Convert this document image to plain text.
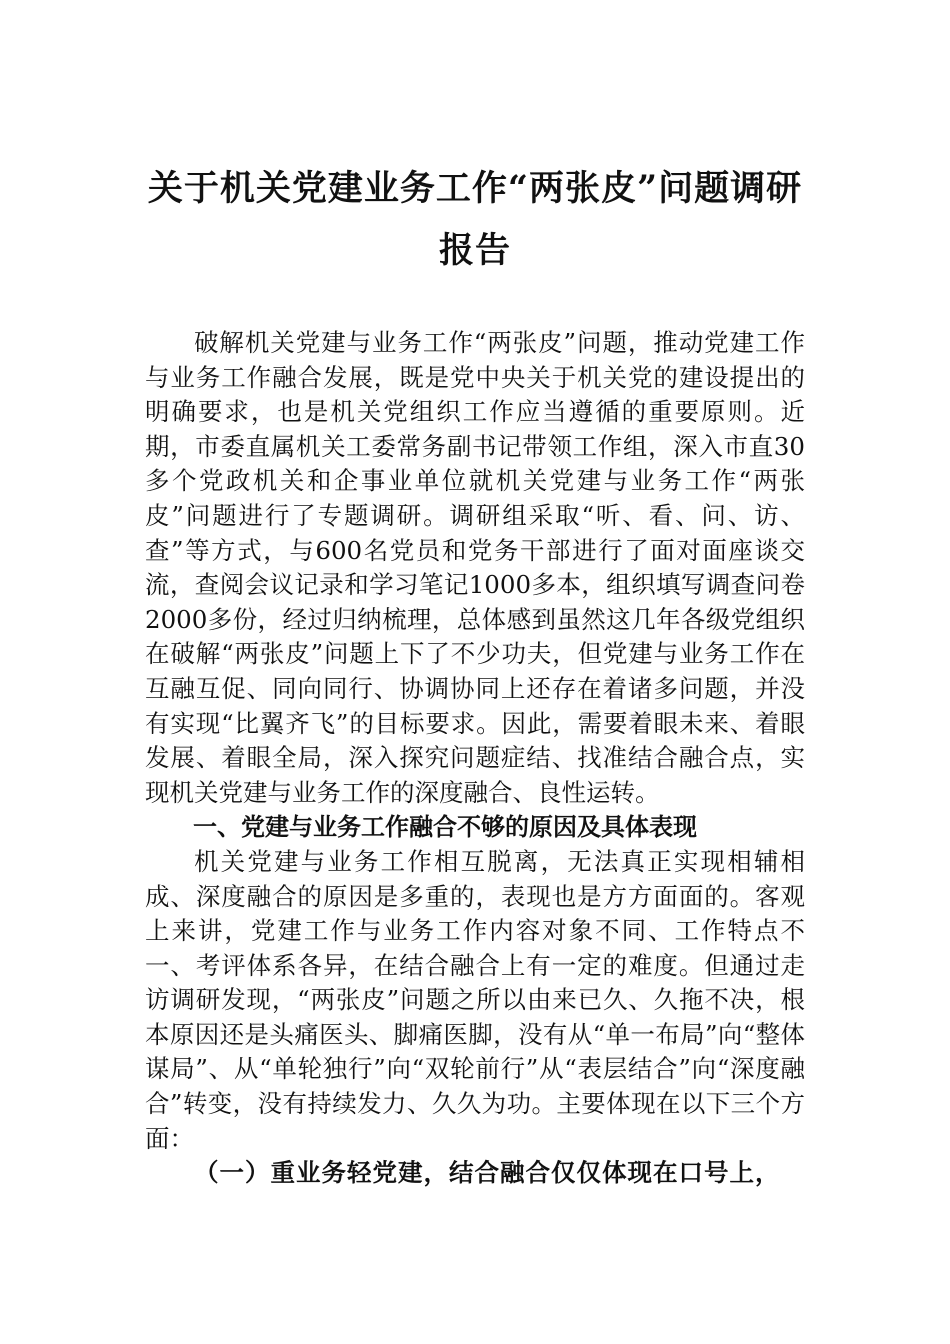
关于机关党建业务工作“两张皮”问题调研报告

破解机关党建与业务工作“两张皮”问题，推动党建工作与业务工作融合发展，既是党中央关于机关党的建设提出的明确要求，也是机关党组织工作应当遵循的重要原则。近期，市委直属机关工委常务副书记带领工作组，深入市直30多个党政机关和企事业单位就机关党建与业务工作“两张皮”问题进行了专题调研。调研组采取“听、看、问、访、查”等方式，与600名党员和党务干部进行了面对面座谈交流，查阅会议记录和学习笔记1000多本，组织填写调查问卷2000多份，经过归纳梳理，总体感到虽然这几年各级党组织在破解“两张皮”问题上下了不少功夫，但党建与业务工作在互融互促、同向同行、协调协同上还存在着诸多问题，并没有实现“比翼齐飞”的目标要求。因此，需要着眼未来、着眼发展、着眼全局，深入探究问题症结、找准结合融合点，实现机关党建与业务工作的深度融合、良性运转。

一、党建与业务工作融合不够的原因及具体表现

机关党建与业务工作相互脱离，无法真正实现相辅相成、深度融合的原因是多重的，表现也是方方面面的。客观上来讲，党建工作与业务工作内容对象不同、工作特点不一、考评体系各异，在结合融合上有一定的难度。但通过走访调研发现，“两张皮”问题之所以由来已久、久拖不决，根本原因还是头痛医头、脚痛医脚，没有从“单一布局”向“整体谋局”、从“单轮独行”向“双轮前行”从“表层结合”向“深度融合”转变，没有持续发力、久久为功。主要体现在以下三个方面：

（一）重业务轻党建，结合融合仅仅体现在口号上，
